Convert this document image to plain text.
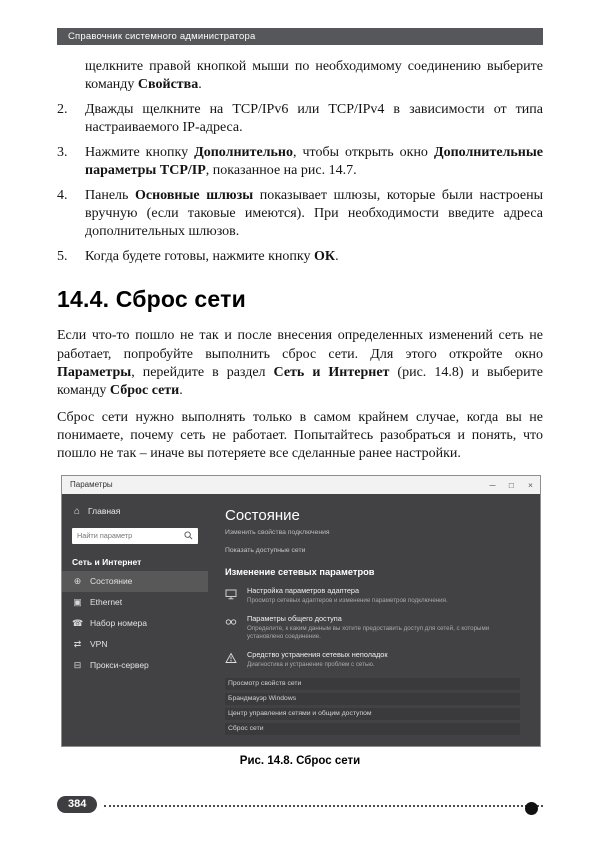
Справочник системного администратора
щелкните правой кнопкой мыши по необходимому соединению выберите команду Свойства.
2.	Дважды щелкните на TCP/IPv6 или TCP/IPv4 в зависимости от типа настраиваемого IP-адреса.
3.	Нажмите кнопку Дополнительно, чтобы открыть окно Дополнительные параметры TCP/IP, показанное на рис. 14.7.
4.	Панель Основные шлюзы показывает шлюзы, которые были настроены вручную (если таковые имеются). При необходимости введите адреса дополнительных шлюзов.
5.	Когда будете готовы, нажмите кнопку ОК.
14.4. Сброс сети
Если что-то пошло не так и после внесения определенных изменений сеть не работает, попробуйте выполнить сброс сети. Для этого откройте окно Параметры, перейдите в раздел Сеть и Интернет (рис. 14.8) и выберите команду Сброс сети.
Сброс сети нужно выполнять только в самом крайнем случае, когда вы не понимаете, почему сеть не работает. Попытайтесь разобраться и понять, что пошло не так – иначе вы потеряете все сделанные ранее настройки.
Параметры	─	□	×
⌂ Главная
Найти параметр
Сеть и Интернет
⊕ Состояние
▣ Ethernet
☎ Набор номера
⇄ VPN
⊟ Прокси-сервер
Состояние
Изменить свойства подключения
Показать доступные сети
Изменение сетевых параметров
Настройка параметров адаптера
Просмотр сетевых адаптеров и изменение параметров подключения.
Параметры общего доступа
Определите, к каким данным вы хотите предоставить доступ для сетей, с которыми установлено соединение.
Средство устранения сетевых неполадок
Диагностика и устранение проблем с сетью.
Просмотр свойств сети
Брандмауэр Windows
Центр управления сетями и общим доступом
Сброс сети
Рис. 14.8. Сброс сети
384
